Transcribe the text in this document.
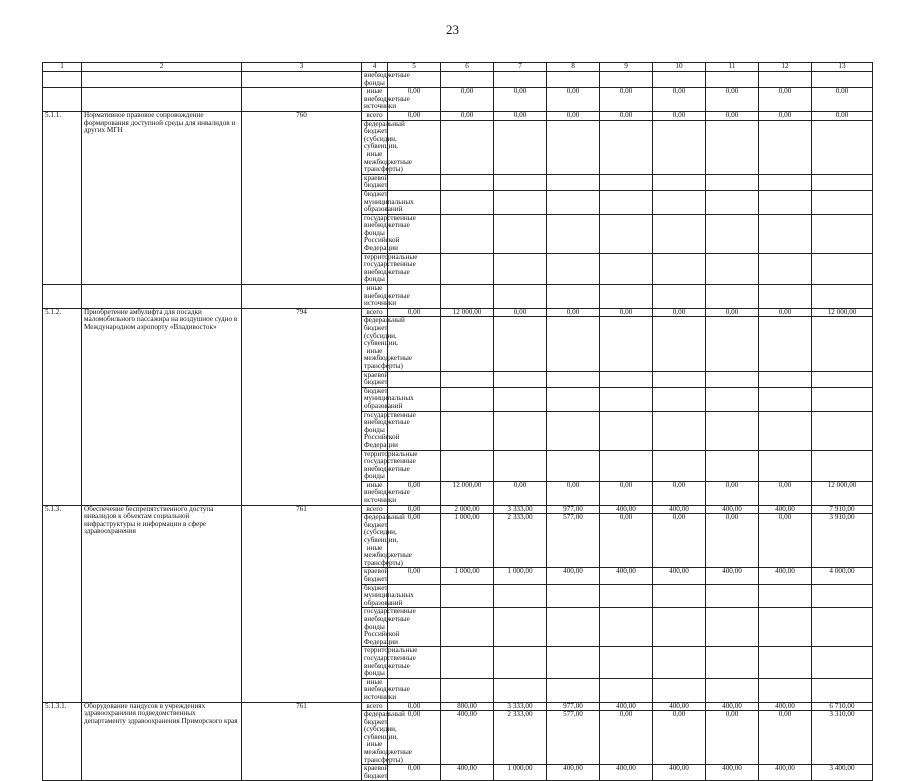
23
1	2	3	4	5	6	7	8	9	10	11	12	13
			внебюджетные фонды									
			иные внебюджетные источники	0,00	0,00	0,00	0,00	0,00	0,00	0,00	0,00	0,00
5.1.1.	Нормативное правовое сопровождение формирования доступной среды для инвалидов и других МГН	760	всего	0,00	0,00	0,00	0,00	0,00	0,00	0,00	0,00	0,00
			федеральный бюджет (субсидии, субвенции, иные межбюджетные трансферты)									
			краевой бюджет									
			бюджет муниципальных образований									
			государственные внебюджетные фонды Российской Федерации									
			территориальные государственные внебюджетные фонды									
			иные внебюджетные источники									
5.1.2.	Приобретение амбулифта для посадки маломобильного пассажира на воздушное судно в Международном аэропорту «Владивосток»	794	всего	0,00	12 000,00	0,00	0,00	0,00	0,00	0,00	0,00	12 000,00
			федеральный бюджет (субсидии, субвенции, иные межбюджетные трансферты)									
			краевой бюджет									
			бюджет муниципальных образований									
			государственные внебюджетные фонды Российской Федерации									
			территориальные государственные внебюджетные фонды									
			иные внебюджетные источники	0,00	12 000,00	0,00	0,00	0,00	0,00	0,00	0,00	12 000,00
5.1.3.	Обеспечение беспрепятственного доступа инвалидов к объектам социальной инфраструктуры и информации в сфере здравоохранения	761	всего	0,00	2 000,00	3 333,00	977,00	400,00	400,00	400,00	400,00	7 910,00
			федеральный бюджет (субсидии, субвенции, иные межбюджетные трансферты)	0,00	1 000,00	2 333,00	577,00	0,00	0,00	0,00	0,00	3 910,00
			краевой бюджет	0,00	1 000,00	1 000,00	400,00	400,00	400,00	400,00	400,00	4 000,00
			бюджет муниципальных образований									
			государственные внебюджетные фонды Российской Федерации									
			территориальные государственные внебюджетные фонды									
			иные внебюджетные источники									
5.1.3.1.	Оборудование пандусов в учреждениях здравоохранения подведомственных департаменту здравоохранения Приморского края	761	всего	0,00	800,00	3 333,00	977,00	400,00	400,00	400,00	400,00	6 710,00
			федеральный бюджет (субсидии, субвенции, иные межбюджетные трансферты)	0,00	400,00	2 333,00	577,00	0,00	0,00	0,00	0,00	3 310,00
			краевой бюджет	0,00	400,00	1 000,00	400,00	400,00	400,00	400,00	400,00	3 400,00
